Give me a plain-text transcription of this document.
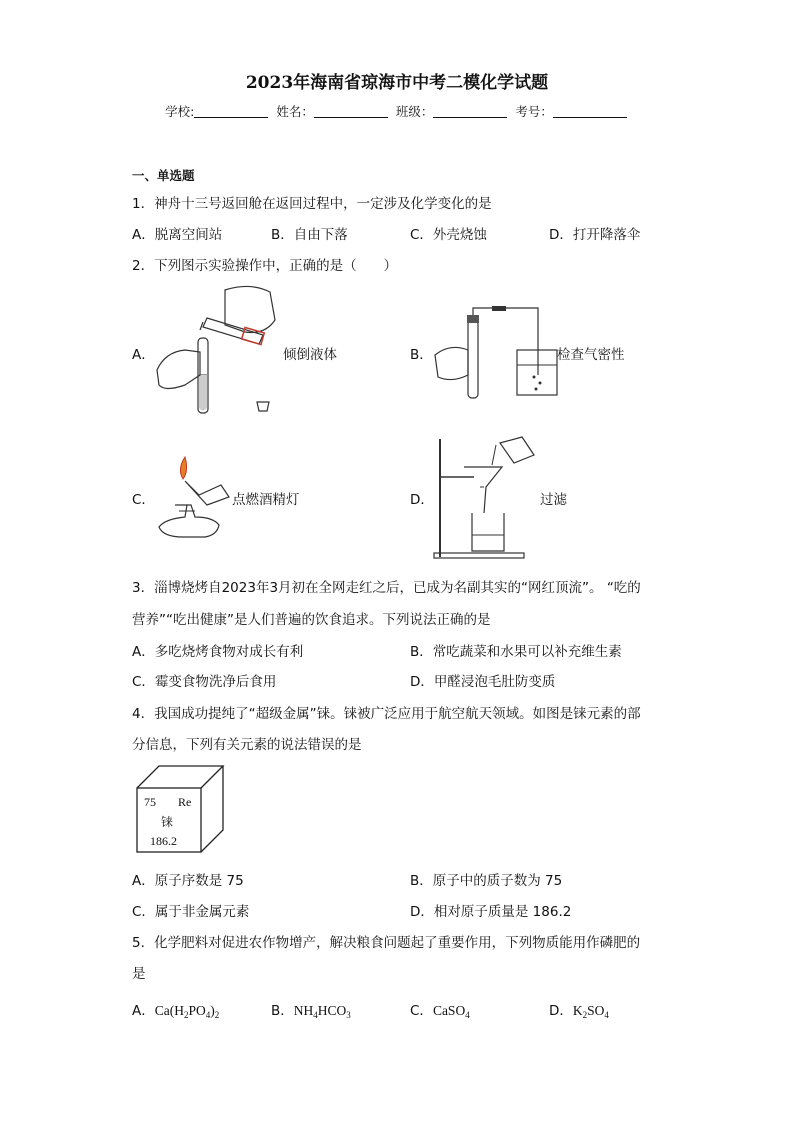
2023年海南省琼海市中考二模化学试题
学校:	姓名：	班级：	考号：
一、单选题
1．神舟十三号返回舱在返回过程中，一定涉及化学变化的是
A．脱离空间站	B．自由下落	C．外壳烧蚀	D．打开降落伞
2．下列图示实验操作中，正确的是（　　）
A．	倾倒液体	B．	检查气密性
C．	点燃酒精灯	D．	过滤
3．淄博烧烤自2023年3月初在全网走红之后，已成为名副其实的“网红顶流”。 “吃的
营养”“吃出健康”是人们普遍的饮食追求。下列说法正确的是
A．多吃烧烤食物对成长有利	B．常吃蔬菜和水果可以补充维生素
C．霉变食物洗净后食用	D．甲醛浸泡毛肚防变质
4．我国成功提纯了“超级金属”铼。铼被广泛应用于航空航天领域。如图是铼元素的部
分信息，下列有关元素的说法错误的是
75 Re
铼
186.2
A．原子序数是 75	B．原子中的质子数为 75
C．属于非金属元素	D．相对原子质量是 186.2
5．化学肥料对促进农作物增产，解决粮食问题起了重要作用，下列物质能用作磷肥的
是
A．$Ca(H_2PO_4)_2$	B．$NH_4HCO_3$	C．CaSO$_4$	D．$K_2SO_4$
